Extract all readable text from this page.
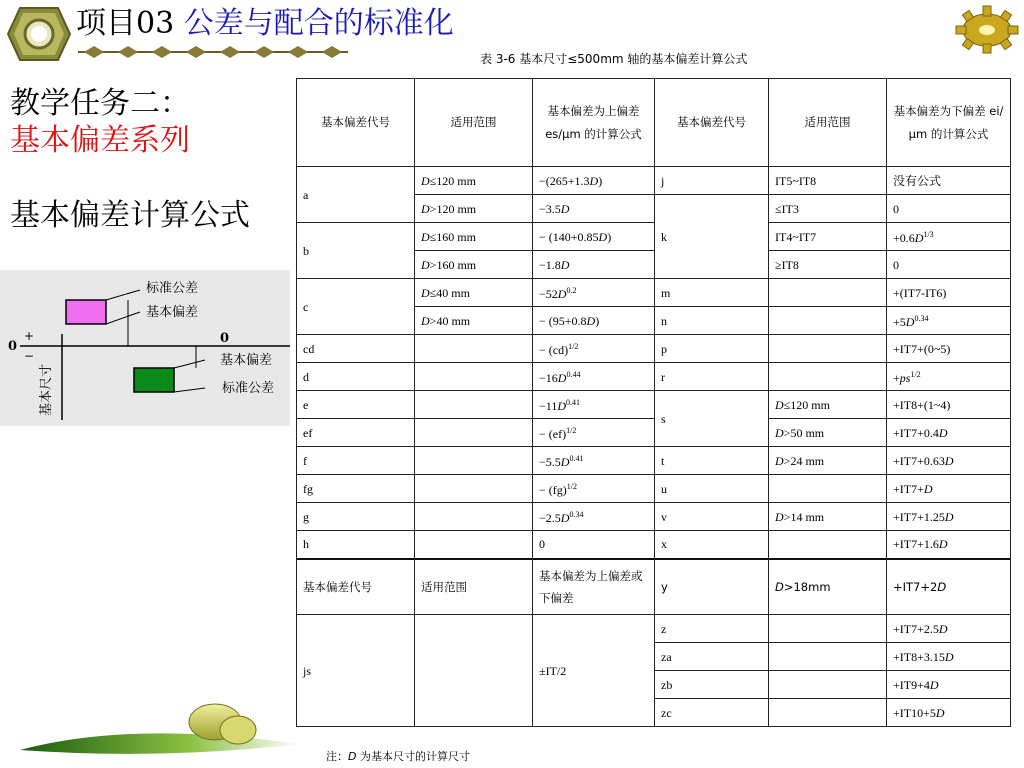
项目03 公差与配合的标准化
教学任务二：
基本偏差系列
基本偏差计算公式
标准公差
基本偏差
+
0
−
0
基本偏差
标准公差
基本尺寸
表 3-6 基本尺寸≤500mm 轴的基本偏差计算公式
基本偏差代号	适用范围	基本偏差为上偏差 es/μm 的计算公式	基本偏差代号	适用范围	基本偏差为下偏差 ei/μm 的计算公式
a	D≤120 mm	−(265+1.3D)	j	IT5~IT8	没有公式
	D>120 mm	−3.5D	k	≤IT3	0
b	D≤160 mm	− (140+0.85D)		IT4~IT7	$+0.6D^{1/3}$
	D>160 mm	−1.8D		≥IT8	0
c	D≤40 mm	$-52D^{0.2}$	m		+(IT7-IT6)
	D>40 mm	− (95+0.8D)	n		$+5D^{0.34}$
cd		− (cd)$^{1/2}$	p		+IT7+(0~5)
d		$-16D^{0.44}$	r		$+ps^{1/2}$
e		$-11D^{0.41}$	s	D≤120 mm	+IT8+(1~4)
ef		− (ef)$^{1/2}$		D>50 mm	+IT7+0.4D
f		$-5.5D^{0.41}$	t	D>24 mm	+IT7+0.63D
fg		− (fg)$^{1/2}$	u		+IT7+D
g		$-2.5D^{0.34}$	v	D>14 mm	+IT7+1.25D
h		0	x		+IT7+1.6D
基本偏差代号	适用范围	基本偏差为上偏差或下偏差	y	D>18mm	+IT7+2D
js		±IT/2	z		+IT7+2.5D
			za		+IT8+3.15D
			zb		+IT9+4D
			zc		+IT10+5D
注：D 为基本尺寸的计算尺寸
